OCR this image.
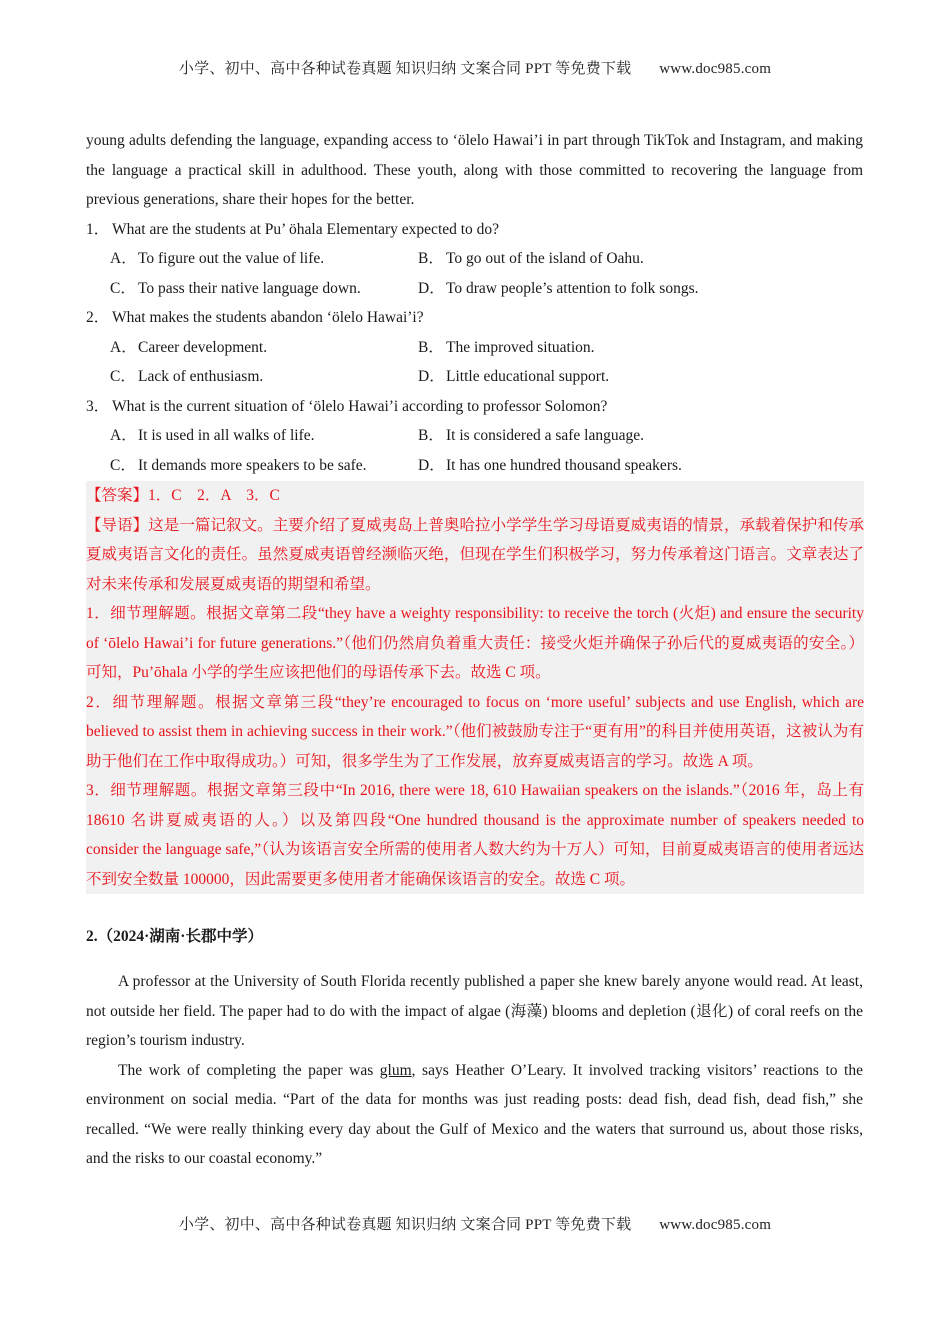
小学、初中、高中各种试卷真题 知识归纳 文案合同 PPT 等免费下载 www.doc985.com

young adults defending the language, expanding access to ‘ölelo Hawai’i in part through TikTok and Instagram, and making the language a practical skill in adulthood. These youth, along with those committed to recovering the language from previous generations, share their hopes for the better.

1． What are the students at Pu’ öhala Elementary expected to do?

A．To figure out the value of life.	B． To go out of the island of Oahu.
C． To pass their native language down.	D．To draw people’s attention to folk songs.

2． What makes the students abandon ‘ölelo Hawai’i?

A．Career development.	B． The improved situation.
C． Lack of enthusiasm.	D．Little educational support.

3． What is the current situation of ‘ölelo Hawai’i according to professor Solomon?

A．It is used in all walks of life.	B． It is considered a safe language.
C． It demands more speakers to be safe.	D．It has one hundred thousand speakers.

【答案】1．C    2．A    3．C

【导语】这是一篇记叙文。主要介绍了夏威夷岛上普奥哈拉小学学生学习母语夏威夷语的情景，承载着保护和传承夏威夷语言文化的责任。虽然夏威夷语曾经濒临灭绝，但现在学生们积极学习，努力传承着这门语言。文章表达了对未来传承和发展夏威夷语的期望和希望。

1．细节理解题。根据文章第二段“they have a weighty responsibility: to receive the torch (火炬) and ensure the security of ‘ōlelo Hawai’i for future generations.”（他们仍然肩负着重大责任：接受火炬并确保子孙后代的夏威夷语的安全。）可知，Pu’ōhala 小学的学生应该把他们的母语传承下去。故选 C 项。

2．细节理解题。根据文章第三段“they’re encouraged to focus on ‘more useful’ subjects and use English, which are believed to assist them in achieving success in their work.”（他们被鼓励专注于“更有用”的科目并使用英语，这被认为有助于他们在工作中取得成功。）可知，很多学生为了工作发展，放弃夏威夷语言的学习。故选 A 项。

3．细节理解题。根据文章第三段中“In 2016, there were 18, 610 Hawaiian speakers on the islands.”（2016 年，岛上有 18610 名讲夏威夷语的人。）以及第四段“One hundred thousand is the approximate number of speakers needed to consider the language safe,”（认为该语言安全所需的使用者人数大约为十万人）可知，目前夏威夷语言的使用者远达不到安全数量 100000，因此需要更多使用者才能确保该语言的安全。故选 C 项。

2.（2024·湖南·长郡中学）

A professor at the University of South Florida recently published a paper she knew barely anyone would read. At least, not outside her field. The paper had to do with the impact of algae (海藻) blooms and depletion (退化) of coral reefs on the region’s tourism industry.

The work of completing the paper was glum, says Heather O’Leary. It involved tracking visitors’ reactions to the environment on social media. “Part of the data for months was just reading posts: dead fish, dead fish, dead fish,” she recalled. “We were really thinking every day about the Gulf of Mexico and the waters that surround us, about those risks, and the risks to our coastal economy.”

小学、初中、高中各种试卷真题 知识归纳 文案合同 PPT 等免费下载 www.doc985.com
